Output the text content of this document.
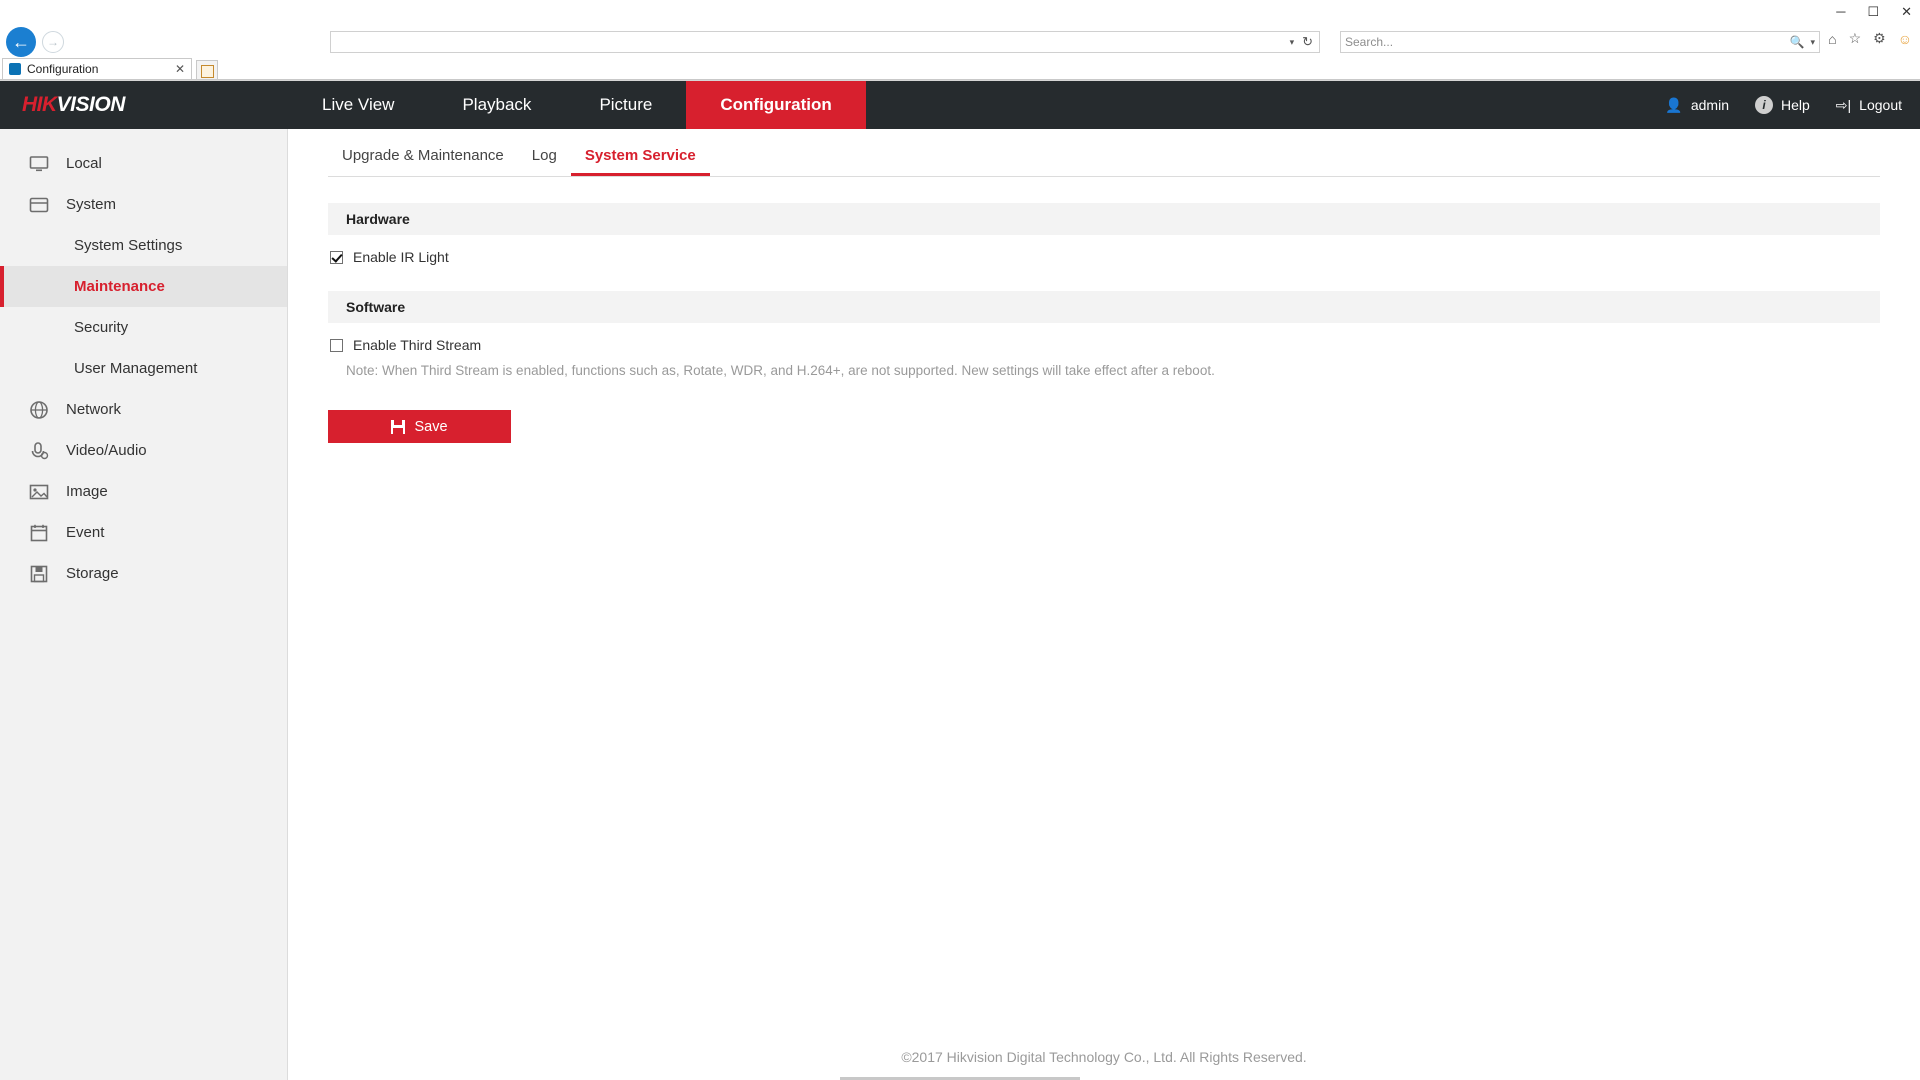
─ ☐ ✕
← →	▾ ↻	Search...	🔍 ▾ ⌂ ☆ ⚙ ☺
Configuration	✕
HIKVISION	Live View	Playback	Picture	Configuration	👤 admin	i	Help ⇨| Logout
Local
System
System Settings
Maintenance
Security
User Management
Network
Video/Audio
Image
Event
Storage
Upgrade & Maintenance	Log	System Service
Hardware
Enable IR Light
Software
Enable Third Stream
Note: When Third Stream is enabled, functions such as, Rotate, WDR, and H.264+, are not supported. New settings will take effect after a reboot.
Save
©2017 Hikvision Digital Technology Co., Ltd. All Rights Reserved.
